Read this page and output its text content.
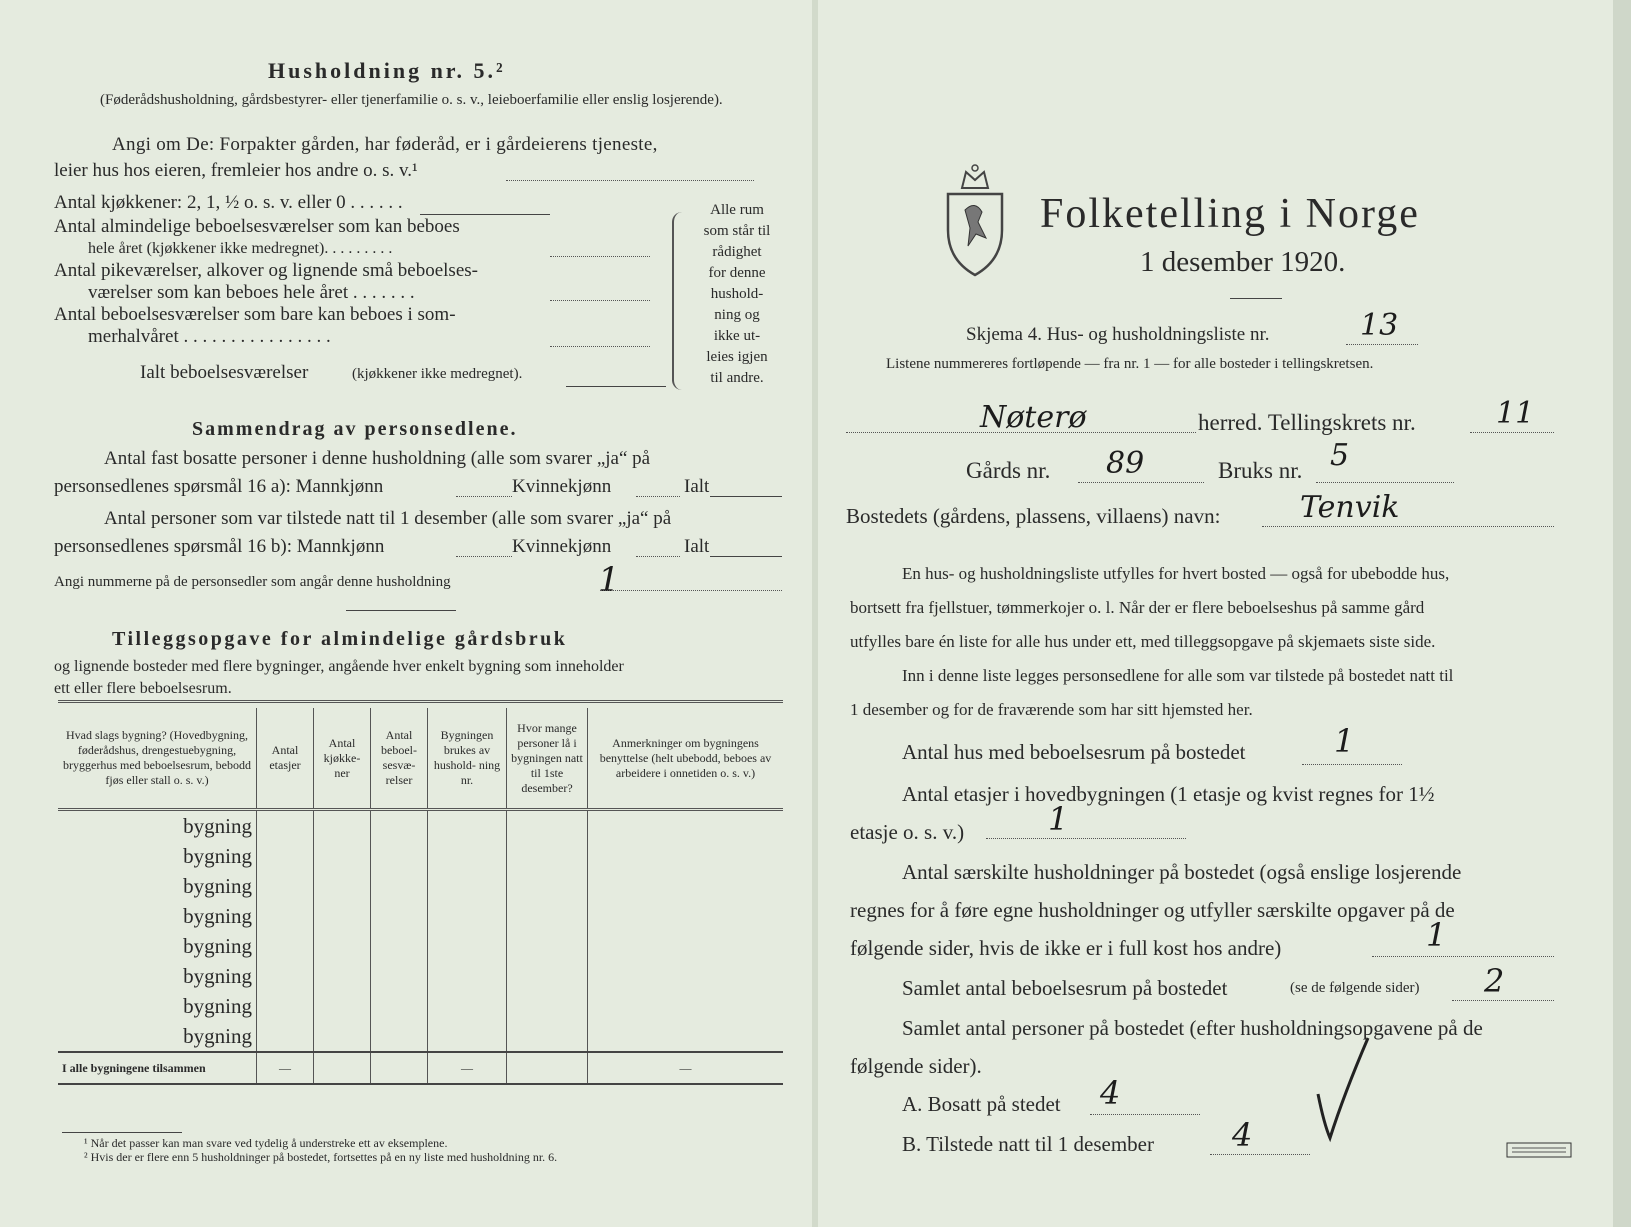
Husholdning nr. 5.²
(Føderådshusholdning, gårdsbestyrer- eller tjenerfamilie o. s. v., leieboerfamilie eller enslig losjerende).
Angi om De: Forpakter gården, har føderåd, er i gårdeierens tjeneste,
leier hus hos eieren, fremleier hos andre o. s. v.¹
Antal kjøkkener: 2, 1, ½ o. s. v. eller 0 . . . . . .
Antal almindelige beboelsesværelser som kan beboes
hele året (kjøkkener ikke medregnet). . . . . . . . .
Antal pikeværelser, alkover og lignende små beboelses-
værelser som kan beboes hele året . . . . . . .
Antal beboelsesværelser som bare kan beboes i som-
merhalvåret . . . . . . . . . . . . . . . .
Ialt beboelsesværelser	(kjøkkener ikke medregnet).
Alle rum
som står til
rådighet
for denne
hushold-
ning og
ikke ut-
leies igjen
til andre.
Sammendrag av personsedlene.
Antal fast bosatte personer i denne husholdning (alle som svarer „ja“ på
personsedlenes spørsmål 16 a): Mannkjønn	Kvinnekjønn	Ialt
Antal personer som var tilstede natt til 1 desember (alle som svarer „ja“ på
personsedlenes spørsmål 16 b): Mannkjønn	Kvinnekjønn	Ialt
Angi nummerne på de personsedler som angår denne husholdning	1
Tilleggsopgave for almindelige gårdsbruk
og lignende bosteder med flere bygninger, angående hver enkelt bygning som inneholder
ett eller flere beboelsesrum.
Hvad slags bygning? (Hovedbygning, føderådshus, drengestuebygning, bryggerhus med beboelsesrum, bebodd fjøs eller stall o. s. v.)	Antal etasjer	Antal kjøkke- ner	Antal beboel- sesvæ- relser	Bygningen brukes av hushold- ning nr.	Hvor mange personer lå i bygningen natt til 1ste desember?	Anmerkninger om bygningens benyttelse (helt ubebodd, beboes av arbeidere i onnetiden o. s. v.)
bygning						
bygning						
bygning						
bygning						
bygning						
bygning						
bygning						
bygning						
I alle bygningene tilsammen	—			—		—
¹ Når det passer kan man svare ved tydelig å understreke ett av eksemplene.
² Hvis der er flere enn 5 husholdninger på bostedet, fortsettes på en ny liste med husholdning nr. 6.
Folketelling i Norge
1 desember 1920.
Skjema 4. Hus- og husholdningsliste nr.	13
Listene nummereres fortløpende — fra nr. 1 — for alle bosteder i tellingskretsen.
Nøterø	herred. Tellingskrets nr.	11
Gårds nr. 89	Bruks nr. 5
Bostedets (gårdens, plassens, villaens) navn:	Tenvik
En hus- og husholdningsliste utfylles for hvert bosted — også for ubebodde hus,
bortsett fra fjellstuer, tømmerkojer o. l. Når der er flere beboelseshus på samme gård
utfylles bare én liste for alle hus under ett, med tilleggsopgave på skjemaets siste side.
Inn i denne liste legges personsedlene for alle som var tilstede på bostedet natt til
1 desember og for de fraværende som har sitt hjemsted her.
Antal hus med beboelsesrum på bostedet	1
Antal etasjer i hovedbygningen (1 etasje og kvist regnes for 1½
etasje o. s. v.)	1
Antal særskilte husholdninger på bostedet (også enslige losjerende
regnes for å føre egne husholdninger og utfyller særskilte opgaver på de
følgende sider, hvis de ikke er i full kost hos andre)	1
Samlet antal beboelsesrum på bostedet	(se de følgende sider) 2
Samlet antal personer på bostedet (efter husholdningsopgavene på de
følgende sider).
A. Bosatt på stedet 4
B. Tilstede natt til 1 desember 4
